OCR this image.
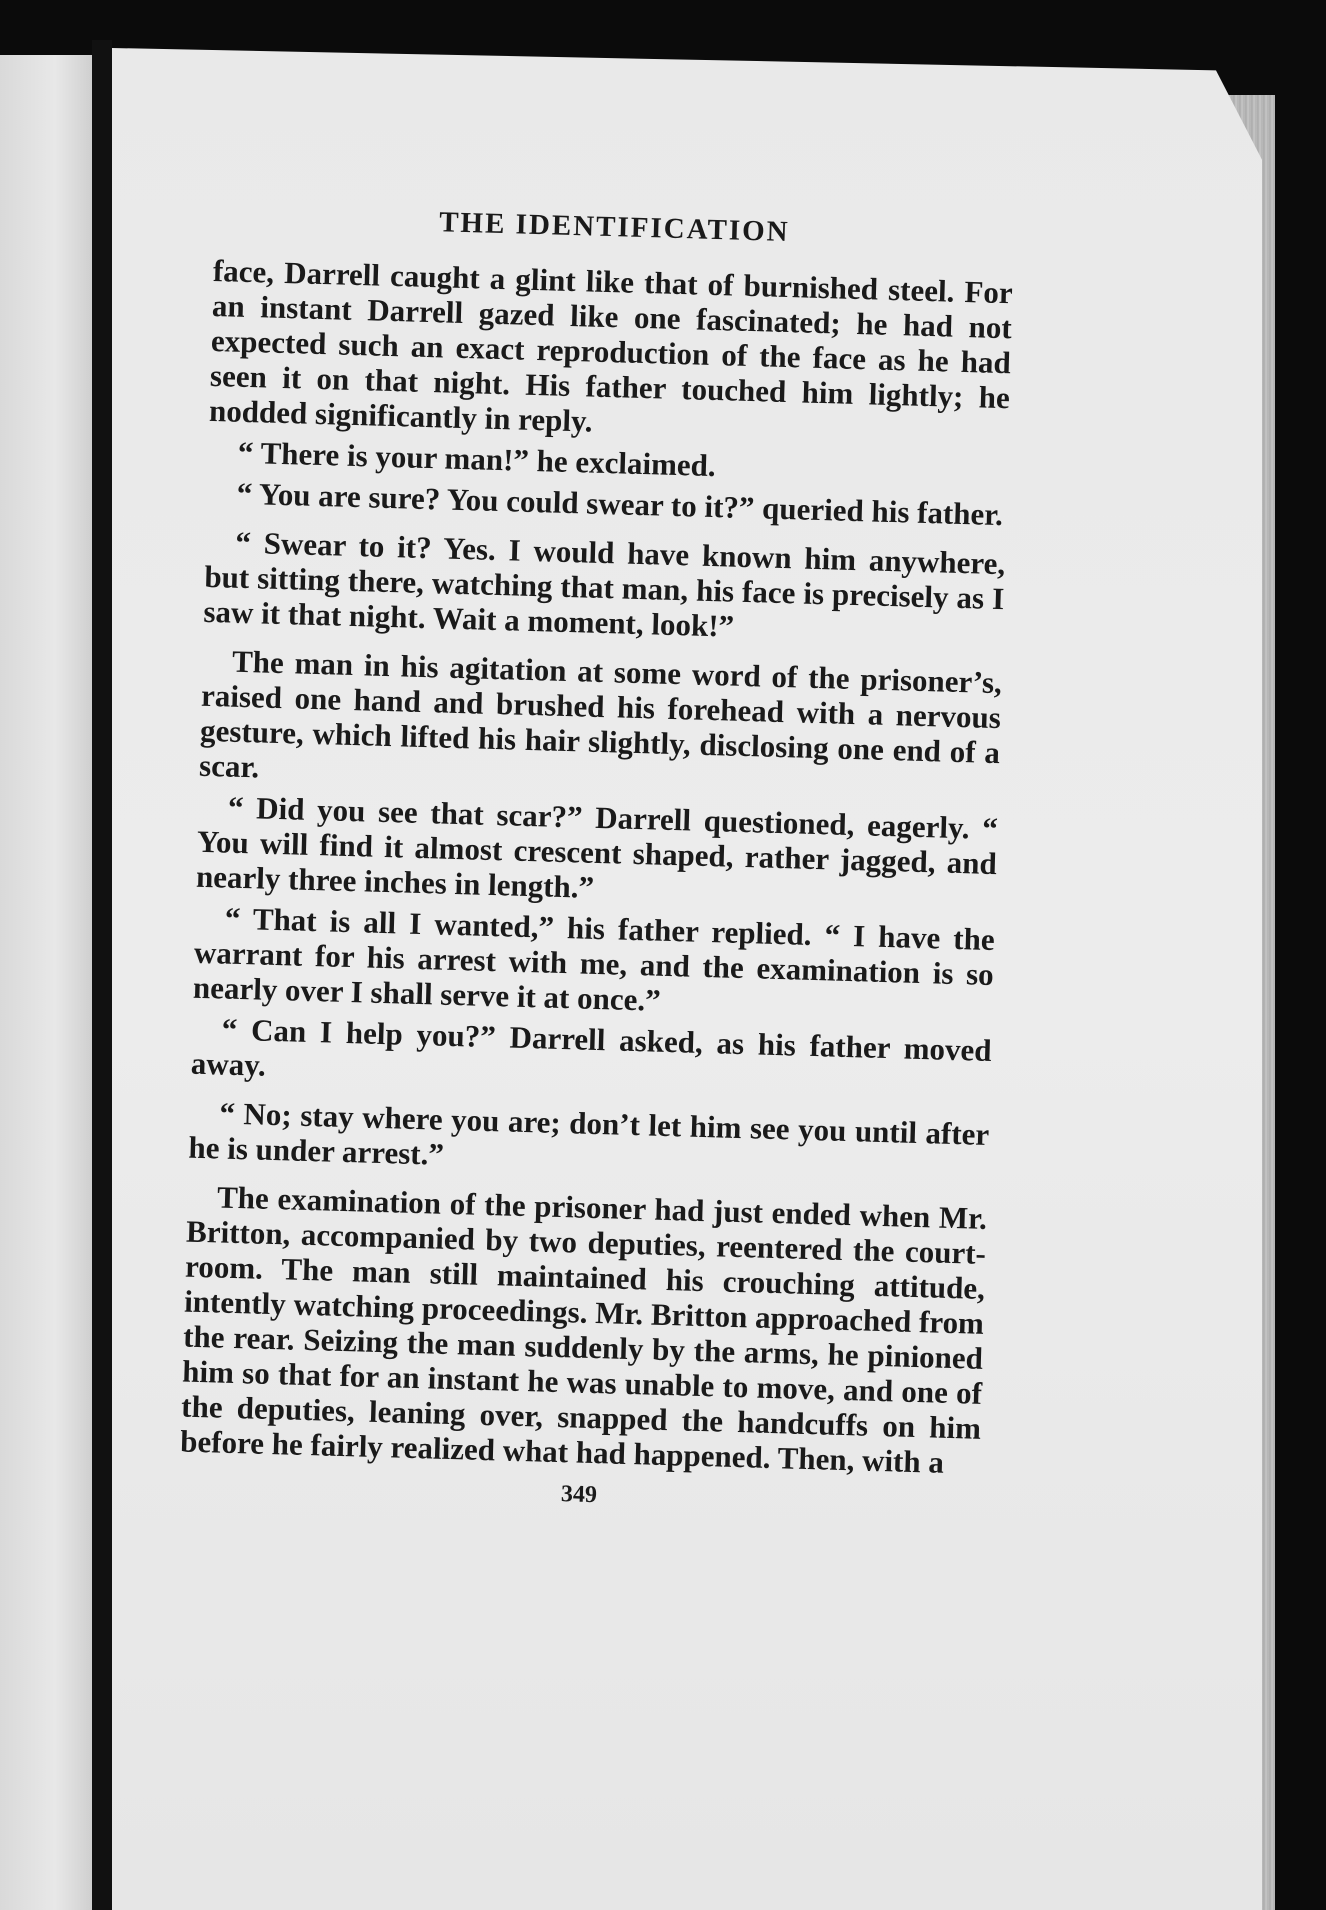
THE IDENTIFICATION

face, Darrell caught a glint like that of burnished steel. For an instant Darrell gazed like one fascinated; he had not expected such an exact reproduction of the face as he had seen it on that night. His father touched him lightly; he nodded significantly in reply.

“ There is your man!” he exclaimed.

“ You are sure? You could swear to it?” queried his father.

“ Swear to it? Yes. I would have known him anywhere, but sitting there, watching that man, his face is precisely as I saw it that night. Wait a moment, look!”

The man in his agitation at some word of the prisoner’s, raised one hand and brushed his forehead with a nervous gesture, which lifted his hair slightly, disclosing one end of a scar.

“ Did you see that scar?” Darrell questioned, eagerly. “ You will find it almost crescent shaped, rather jagged, and nearly three inches in length.”

“ That is all I wanted,” his father replied. “ I have the warrant for his arrest with me, and the examination is so nearly over I shall serve it at once.”

“ Can I help you?” Darrell asked, as his father moved away.

“ No; stay where you are; don’t let him see you until after he is under arrest.”

The examination of the prisoner had just ended when Mr. Britton, accompanied by two deputies, reentered the court-room. The man still maintained his crouching attitude, intently watching proceedings. Mr. Britton approached from the rear. Seizing the man suddenly by the arms, he pinioned him so that for an instant he was unable to move, and one of the deputies, leaning over, snapped the handcuffs on him before he fairly realized what had happened. Then, with a

349
